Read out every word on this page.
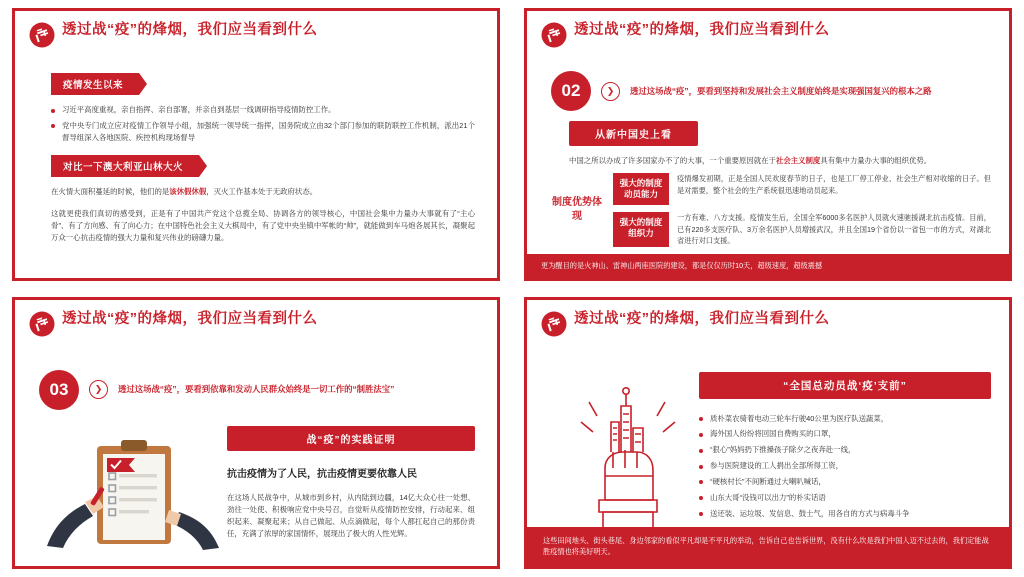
透过战“疫”的烽烟，我们应当看到什么
疫情发生以来
习近平高度重视，亲自指挥、亲自部署，并亲自到基层一线调研指导疫情防控工作。
党中央专门成立应对疫情工作领导小组，加强统一领导统一指挥，国务院成立由32个部门参加的联防联控工作机制，派出21个督导组深入各地医院、疾控机构现场督导
对比一下澳大利亚山林大火

在火情大面积蔓延的时候，他们的是该休假休假，灭火工作基本处于无政府状态。

这就更使我们真切的感受到，正是有了中国共产党这个总揽全局、协调各方的领导核心，中国社会集中力量办大事就有了“主心骨”、有了方向感、有了向心力；在中国特色社会主义大棋局中，有了党中央坐镇中军帐的“帅”，就能做到车马炮各展其长，凝聚起万众一心抗击疫情的强大力量和复兴伟业的磅礴力量。

透过战“疫”的烽烟，我们应当看到什么
02	❯	透过这场战“疫”，要看到坚持和发展社会主义制度始终是实现强国复兴的根本之路
从新中国史上看

中国之所以办成了许多国家办不了的大事，一个重要原因就在于社会主义制度具有集中力量办大事的组织优势。

制度优势体现
强大的制度动员能力
疫情爆发初期，正是全国人民欢度春节的日子，也是工厂停工停业、社会生产相对收缩的日子。但是对需要，整个社会的生产系统很迅速地动员起来。
强大的制度组织力
一方有难、八方支援。疫情发生后，全国全军6000多名医护人员就火速驰援湖北抗击疫情。目前，已有220多支医疗队、3万余名医护人员增援武汉，并且全国19个省份以一省包一市的方式，对湖北省进行对口支援。
更为醒目的是火神山、雷神山两座医院的建设，都是仅仅历时10天，超级速度，超级震撼
透过战“疫”的烽烟，我们应当看到什么
03	❯	透过这场战“疫”，要看到依靠和发动人民群众始终是一切工作的“制胜法宝”
战“疫”的实践证明
抗击疫情为了人民，抗击疫情更要依靠人民

在这场人民战争中，从城市到乡村，从内陆到边疆，14亿大众心往一处想、劲往一处使、积极响应党中央号召，自觉听从疫情防控安排，行动起来、组织起来、凝聚起来；从自己做起、从点滴做起，每个人都扛起自己的那份责任，充满了浓厚的家国情怀，展现出了极大的人性光辉。

透过战“疫”的烽烟，我们应当看到什么
“全国总动员战‘疫’支前”
质朴菜农骑着电动三轮车行驶40公里为医疗队送蔬菜，
海外国人纷纷将回国自费购买的口罩，
“狠心”妈妈扔下推搡孩子除夕之夜奔赴一线，
参与医院建设的工人捐出全部所得工资，
“硬核村长”不间断通过大喇叭喊话，
山东大哥“没钱可以出力”的朴实话语
送还装、运垃圾、发信息、鼓士气，用各自的方式与病毒斗争
这些田间地头、街头巷尾、身边邻家的看似平凡却是不平凡的举动，告诉自己也告诉世界，没有什么坎是我们中国人迈不过去的，我们定能战胜疫情也将美好明天。
